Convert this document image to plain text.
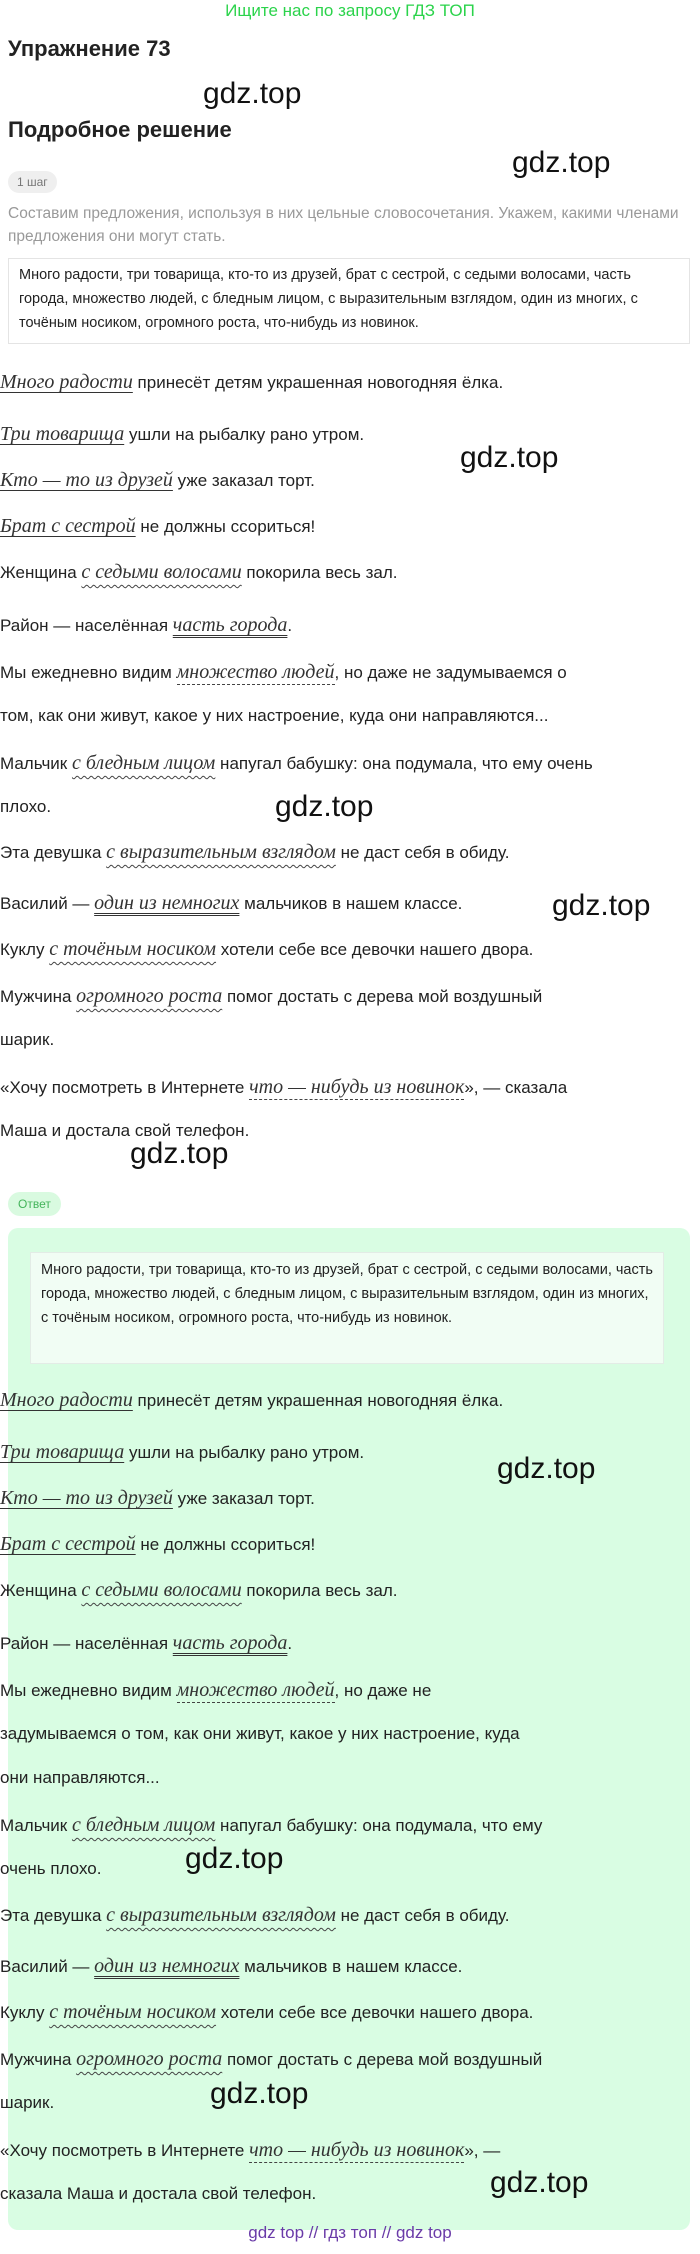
Ищите нас по запросу ГДЗ ТОП
Упражнение 73
gdz.top
Подробное решение
gdz.top
1 шаг
Составим предложения, используя в них цельные словосочетания. Укажем, какими членами предложения они могут стать.
Много радости, три товарища, кто-то из друзей, брат с сестрой, с седыми волосами, часть города, множество людей, с бледным лицом, с выразительным взглядом, один из многих, с точёным носиком, огромного роста, что-нибудь из новинок.
Много радости принесёт детям украшенная новогодняя ёлка.
Три товарища ушли на рыбалку рано утром.
Кто — то из друзей уже заказал торт.
Брат с сестрой не должны ссориться!
Женщина с седыми волосами покорила весь зал.
Район — населённая часть города.
Мы ежедневно видим множество людей, но даже не задумываемся о
том, как они живут, какое у них настроение, куда они направляются...
Мальчик с бледным лицом напугал бабушку: она подумала, что ему очень
плохо.
Эта девушка с выразительным взглядом не даст себя в обиду.
Василий — один из немногих мальчиков в нашем классе.
Куклу с точёным носиком хотели себе все девочки нашего двора.
Мужчина огромного роста помог достать с дерева мой воздушный
шарик.
«Хочу посмотреть в Интернете что — нибудь из новинок», — сказала
Маша и достала свой телефон.
gdz.top
gdz.top
gdz.top
gdz.top
Ответ
Много радости, три товарища, кто-то из друзей, брат с сестрой, с седыми волосами, часть города, множество людей, с бледным лицом, с выразительным взглядом, один из многих, с точёным носиком, огромного роста, что-нибудь из новинок.
Много радости принесёт детям украшенная новогодняя ёлка.
Три товарища ушли на рыбалку рано утром.
Кто — то из друзей уже заказал торт.
Брат с сестрой не должны ссориться!
Женщина с седыми волосами покорила весь зал.
Район — населённая часть города.
Мы ежедневно видим множество людей, но даже не
задумываемся о том, как они живут, какое у них настроение, куда
они направляются...
Мальчик с бледным лицом напугал бабушку: она подумала, что ему
очень плохо.
Эта девушка с выразительным взглядом не даст себя в обиду.
Василий — один из немногих мальчиков в нашем классе.
Куклу с точёным носиком хотели себе все девочки нашего двора.
Мужчина огромного роста помог достать с дерева мой воздушный
шарик.
«Хочу посмотреть в Интернете что — нибудь из новинок», —
сказала Маша и достала свой телефон.
gdz.top
gdz.top
gdz.top
gdz.top
gdz top // гдз топ // gdz top
